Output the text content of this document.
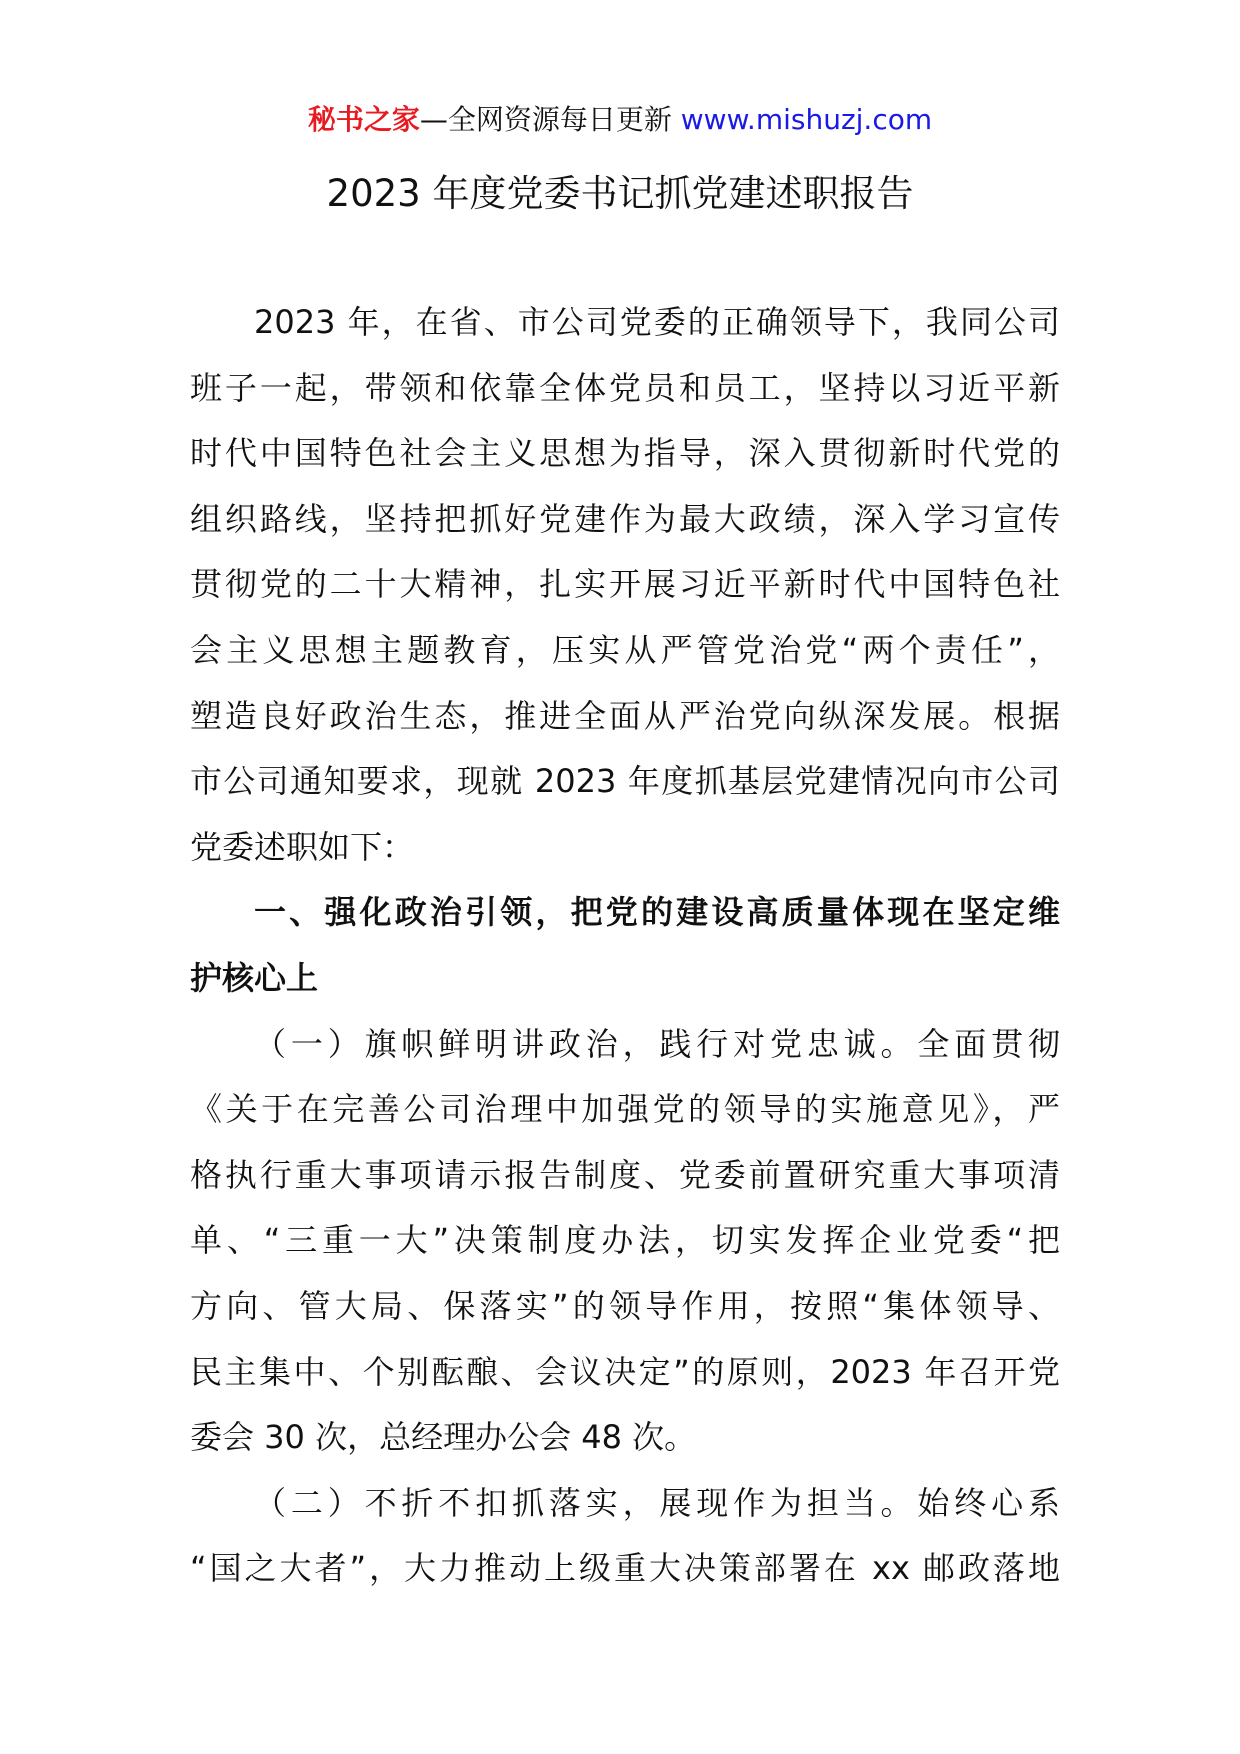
秘书之家—全网资源每日更新 www.mishuzj.com
2023 年度党委书记抓党建述职报告
2023 年，在省、市公司党委的正确领导下，我同公司
班子一起，带领和依靠全体党员和员工，坚持以习近平新
时代中国特色社会主义思想为指导，深入贯彻新时代党的
组织路线，坚持把抓好党建作为最大政绩，深入学习宣传
贯彻党的二十大精神，扎实开展习近平新时代中国特色社
会主义思想主题教育，压实从严管党治党“两个责任”，
塑造良好政治生态，推进全面从严治党向纵深发展。根据
市公司通知要求，现就 2023 年度抓基层党建情况向市公司
党委述职如下：
一、强化政治引领，把党的建设高质量体现在坚定维
护核心上
（一）旗帜鲜明讲政治，践行对党忠诚。全面贯彻
《关于在完善公司治理中加强党的领导的实施意见》，严
格执行重大事项请示报告制度、党委前置研究重大事项清
单、“三重一大”决策制度办法，切实发挥企业党委“把
方向、管大局、保落实”的领导作用，按照“集体领导、
民主集中、个别酝酿、会议决定”的原则，2023 年召开党
委会 30 次，总经理办公会 48 次。
（二）不折不扣抓落实，展现作为担当。始终心系
“国之大者”，大力推动上级重大决策部署在 xx 邮政落地
